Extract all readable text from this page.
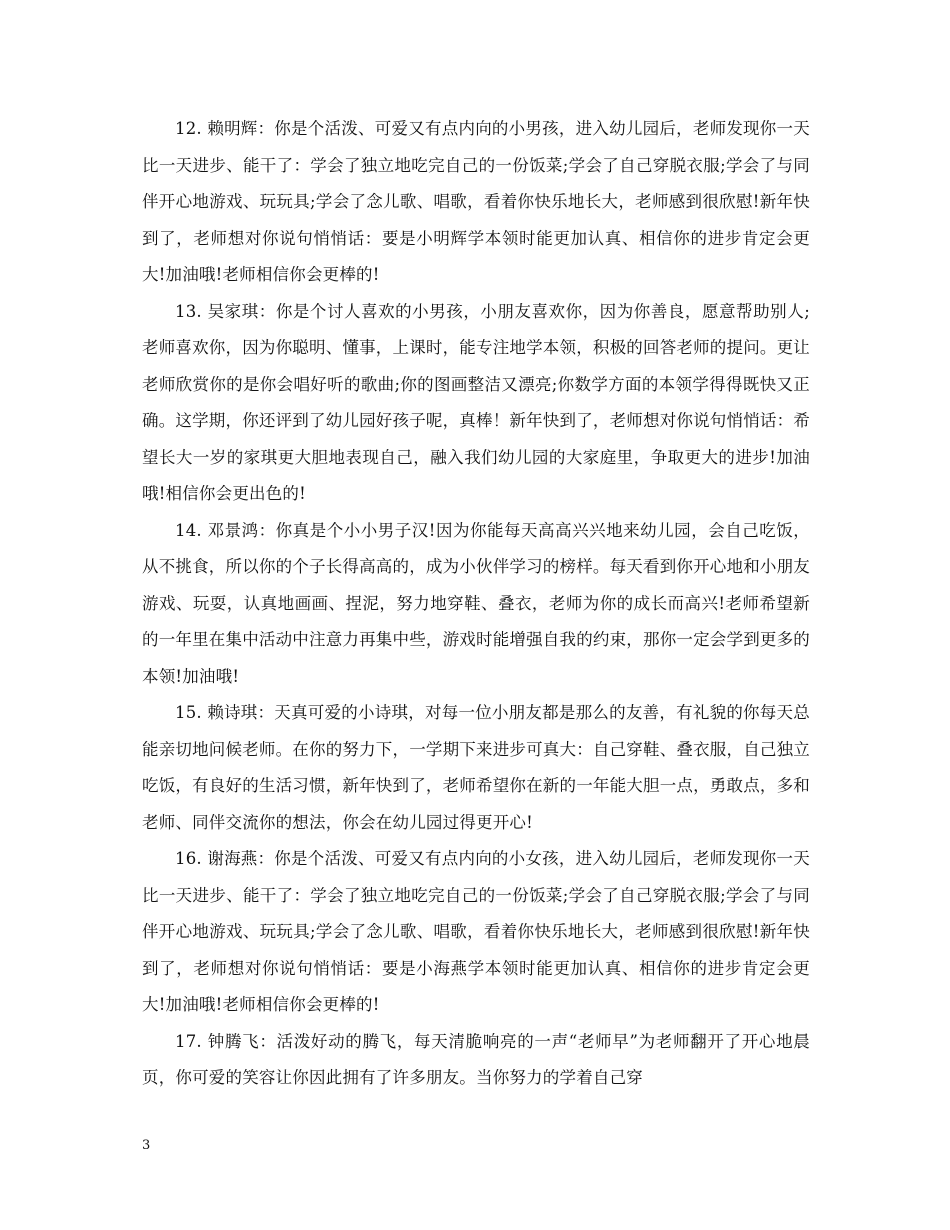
12. 赖明辉：你是个活泼、可爱又有点内向的小男孩，进入幼儿园后，老师发现你一天比一天进步、能干了：学会了独立地吃完自己的一份饭菜;学会了自己穿脱衣服;学会了与同伴开心地游戏、玩玩具;学会了念儿歌、唱歌，看着你快乐地长大，老师感到很欣慰!新年快到了，老师想对你说句悄悄话：要是小明辉学本领时能更加认真、相信你的进步肯定会更大!加油哦!老师相信你会更棒的!

13. 吴家琪：你是个讨人喜欢的小男孩，小朋友喜欢你，因为你善良，愿意帮助别人;老师喜欢你，因为你聪明、懂事，上课时，能专注地学本领，积极的回答老师的提问。更让老师欣赏你的是你会唱好听的歌曲;你的图画整洁又漂亮;你数学方面的本领学得得既快又正确。这学期，你还评到了幼儿园好孩子呢，真棒！新年快到了，老师想对你说句悄悄话：希望长大一岁的家琪更大胆地表现自己，融入我们幼儿园的大家庭里，争取更大的进步!加油哦!相信你会更出色的!

14. 邓景鸿：你真是个小小男子汉!因为你能每天高高兴兴地来幼儿园，会自己吃饭，从不挑食，所以你的个子长得高高的，成为小伙伴学习的榜样。每天看到你开心地和小朋友游戏、玩耍，认真地画画、捏泥，努力地穿鞋、叠衣，老师为你的成长而高兴!老师希望新的一年里在集中活动中注意力再集中些，游戏时能增强自我的约束，那你一定会学到更多的本领!加油哦!

15. 赖诗琪：天真可爱的小诗琪，对每一位小朋友都是那么的友善，有礼貌的你每天总能亲切地问候老师。在你的努力下，一学期下来进步可真大：自己穿鞋、叠衣服，自己独立吃饭，有良好的生活习惯，新年快到了，老师希望你在新的一年能大胆一点，勇敢点，多和老师、同伴交流你的想法，你会在幼儿园过得更开心!

16. 谢海燕：你是个活泼、可爱又有点内向的小女孩，进入幼儿园后，老师发现你一天比一天进步、能干了：学会了独立地吃完自己的一份饭菜;学会了自己穿脱衣服;学会了与同伴开心地游戏、玩玩具;学会了念儿歌、唱歌，看着你快乐地长大，老师感到很欣慰!新年快到了，老师想对你说句悄悄话：要是小海燕学本领时能更加认真、相信你的进步肯定会更大!加油哦!老师相信你会更棒的!

17. 钟腾飞：活泼好动的腾飞，每天清脆响亮的一声“老师早”为老师翻开了开心地晨页，你可爱的笑容让你因此拥有了许多朋友。当你努力的学着自己穿

3
